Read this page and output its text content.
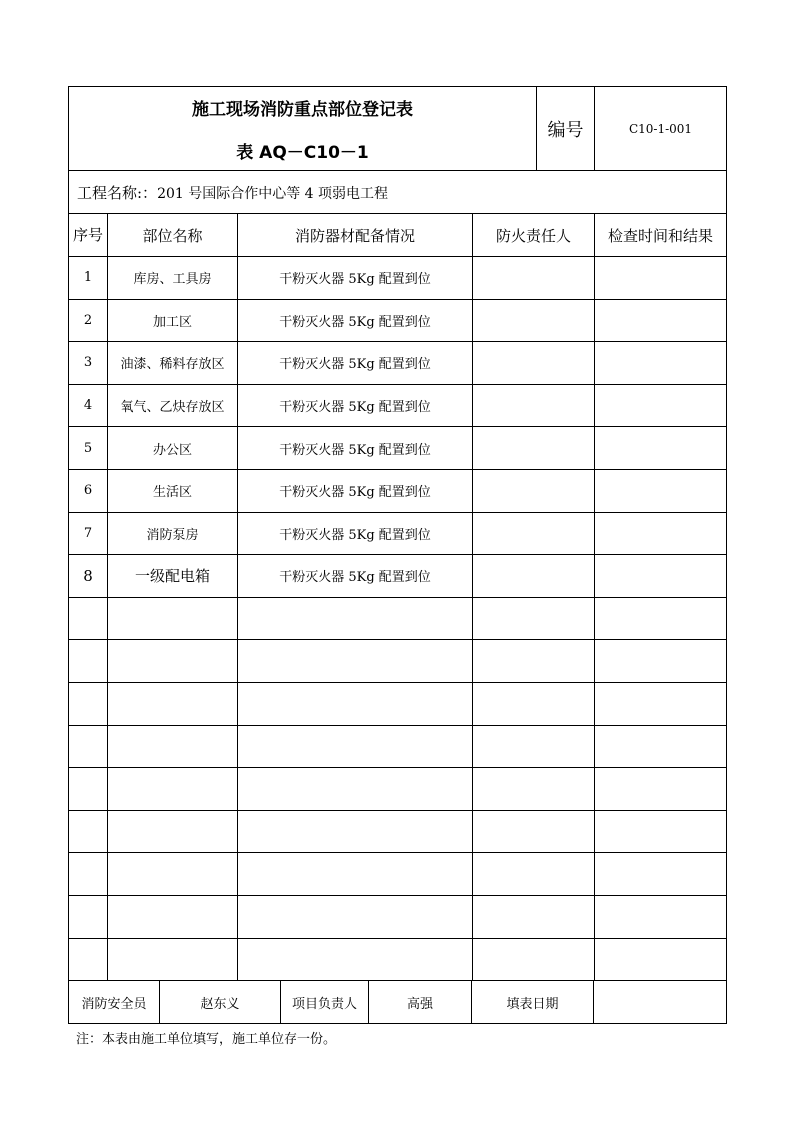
施工现场消防重点部位登记表
表 AQ－C10－1
	编号	C10-1-001
工程名称:：201 号国际合作中心等 4 项弱电工程
序号	部位名称	消防器材配备情况	防火责任人	检查时间和结果
1	库房、工具房	干粉灭火器 5Kg 配置到位		
2	加工区	干粉灭火器 5Kg 配置到位		
3	油漆、稀料存放区	干粉灭火器 5Kg 配置到位		
4	氧气、乙炔存放区	干粉灭火器 5Kg 配置到位		
5	办公区	干粉灭火器 5Kg 配置到位		
6	生活区	干粉灭火器 5Kg 配置到位		
7	消防泵房	干粉灭火器 5Kg 配置到位		
8	一级配电箱	干粉灭火器 5Kg 配置到位		

消防安全员	赵东义	项目负责人	高强	填表日期	
注：本表由施工单位填写，施工单位存一份。
